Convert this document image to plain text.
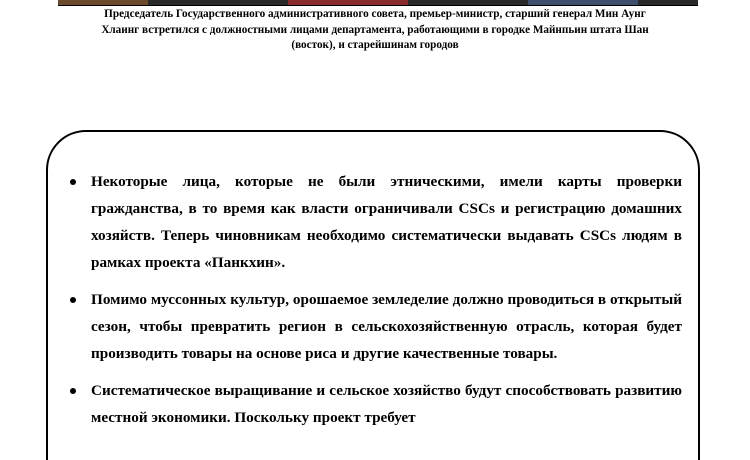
Председатель Государственного административного совета, премьер-министр, старший генерал Мин Аунг
Хлаинг встретился с должностными лицами департамента, работающими в городке Майнпьин штата Шан
(восток), и старейшинам городов
Некоторые лица, которые не были этническими, имели карты проверки гражданства, в то время как власти ограничивали CSCs и регистрацию домашних хозяйств. Теперь чиновникам необходимо систематически выдавать CSCs людям в рамках проекта «Панкхин».
Помимо муссонных культур, орошаемое земледелие должно проводиться в открытый сезон, чтобы превратить регион в сельскохозяйственную отрасль, которая будет производить товары на основе риса и другие качественные товары.
Систематическое выращивание и сельское хозяйство будут способствовать развитию местной экономики. Поскольку проект требует
